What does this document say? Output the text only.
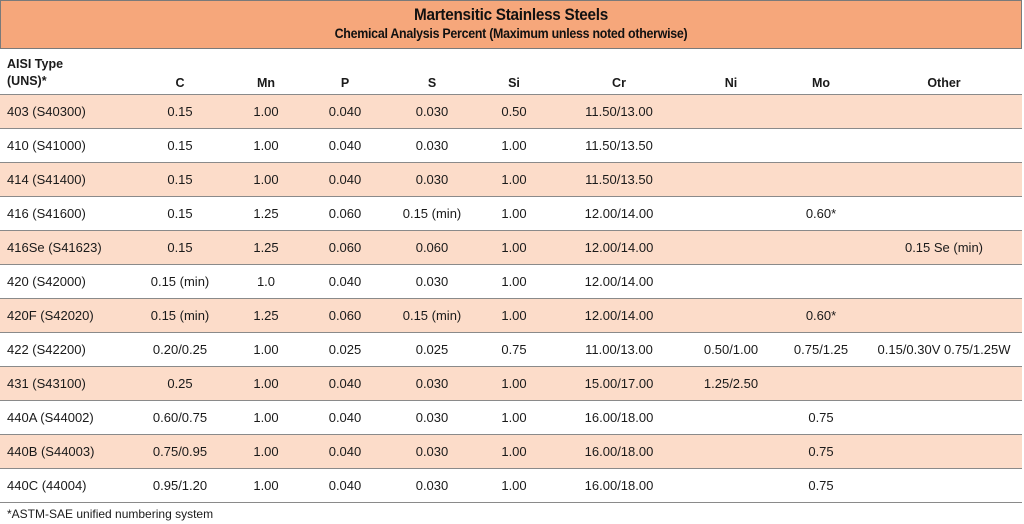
Martensitic Stainless Steels
Chemical Analysis Percent (Maximum unless noted otherwise)
AISI Type
(UNS)*	C	Mn	P	S	Si	Cr	Ni	Mo	Other
403 (S40300)	0.15	1.00	0.040	0.030	0.50	11.50/13.00			
410 (S41000)	0.15	1.00	0.040	0.030	1.00	11.50/13.50			
414 (S41400)	0.15	1.00	0.040	0.030	1.00	11.50/13.50			
416 (S41600)	0.15	1.25	0.060	0.15 (min)	1.00	12.00/14.00		0.60*	
416Se (S41623)	0.15	1.25	0.060	0.060	1.00	12.00/14.00			0.15 Se (min)
420 (S42000)	0.15 (min)	1.0	0.040	0.030	1.00	12.00/14.00			
420F (S42020)	0.15 (min)	1.25	0.060	0.15 (min)	1.00	12.00/14.00		0.60*	
422 (S42200)	0.20/0.25	1.00	0.025	0.025	0.75	11.00/13.00	0.50/1.00	0.75/1.25	0.15/0.30V 0.75/1.25W
431 (S43100)	0.25	1.00	0.040	0.030	1.00	15.00/17.00	1.25/2.50		
440A (S44002)	0.60/0.75	1.00	0.040	0.030	1.00	16.00/18.00		0.75	
440B (S44003)	0.75/0.95	1.00	0.040	0.030	1.00	16.00/18.00		0.75	
440C (44004)	0.95/1.20	1.00	0.040	0.030	1.00	16.00/18.00		0.75	
*ASTM-SAE unified numbering system
